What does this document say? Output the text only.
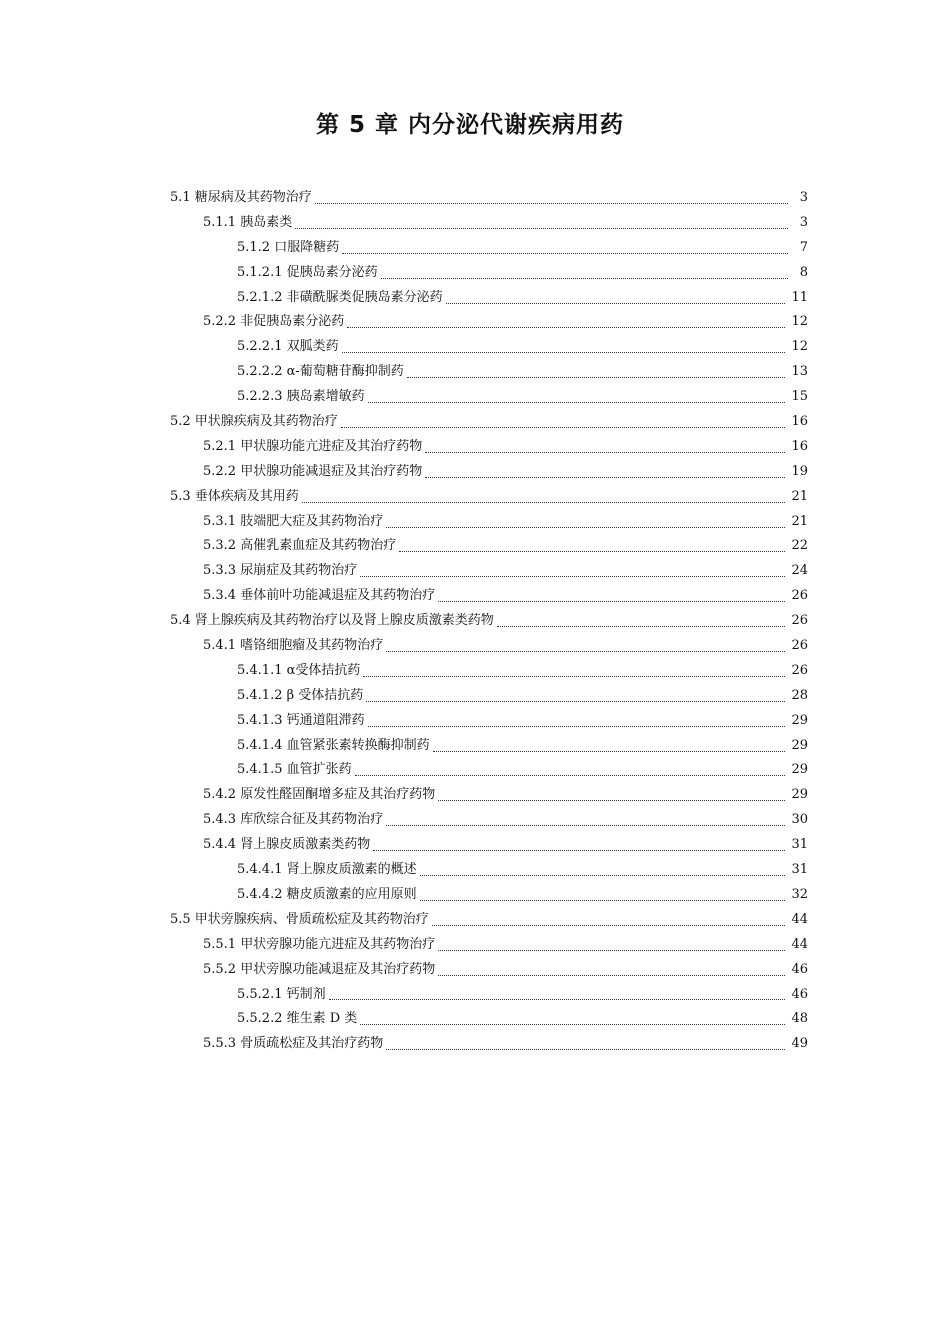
第 5 章 内分泌代谢疾病用药
5.1 糖尿病及其药物治疗	3
5.1.1 胰岛素类	3
5.1.2 口服降糖药	7
5.1.2.1 促胰岛素分泌药	8
5.2.1.2 非磺酰脲类促胰岛素分泌药	11
5.2.2 非促胰岛素分泌药	12
5.2.2.1 双胍类药	12
5.2.2.2 α-葡萄糖苷酶抑制药	13
5.2.2.3 胰岛素增敏药	15
5.2 甲状腺疾病及其药物治疗	16
5.2.1 甲状腺功能亢进症及其治疗药物	16
5.2.2 甲状腺功能减退症及其治疗药物	19
5.3 垂体疾病及其用药	21
5.3.1 肢端肥大症及其药物治疗	21
5.3.2 高催乳素血症及其药物治疗	22
5.3.3 尿崩症及其药物治疗	24
5.3.4 垂体前叶功能减退症及其药物治疗	26
5.4 肾上腺疾病及其药物治疗以及肾上腺皮质激素类药物	26
5.4.1 嗜铬细胞瘤及其药物治疗	26
5.4.1.1 α受体拮抗药	26
5.4.1.2 β 受体拮抗药	28
5.4.1.3 钙通道阻滞药	29
5.4.1.4 血管紧张素转换酶抑制药	29
5.4.1.5 血管扩张药	29
5.4.2 原发性醛固酮增多症及其治疗药物	29
5.4.3 库欣综合征及其药物治疗	30
5.4.4 肾上腺皮质激素类药物	31
5.4.4.1 肾上腺皮质激素的概述	31
5.4.4.2 糖皮质激素的应用原则	32
5.5 甲状旁腺疾病、骨质疏松症及其药物治疗	44
5.5.1 甲状旁腺功能亢进症及其药物治疗	44
5.5.2 甲状旁腺功能减退症及其治疗药物	46
5.5.2.1 钙制剂	46
5.5.2.2 维生素 D 类	48
5.5.3 骨质疏松症及其治疗药物	49
